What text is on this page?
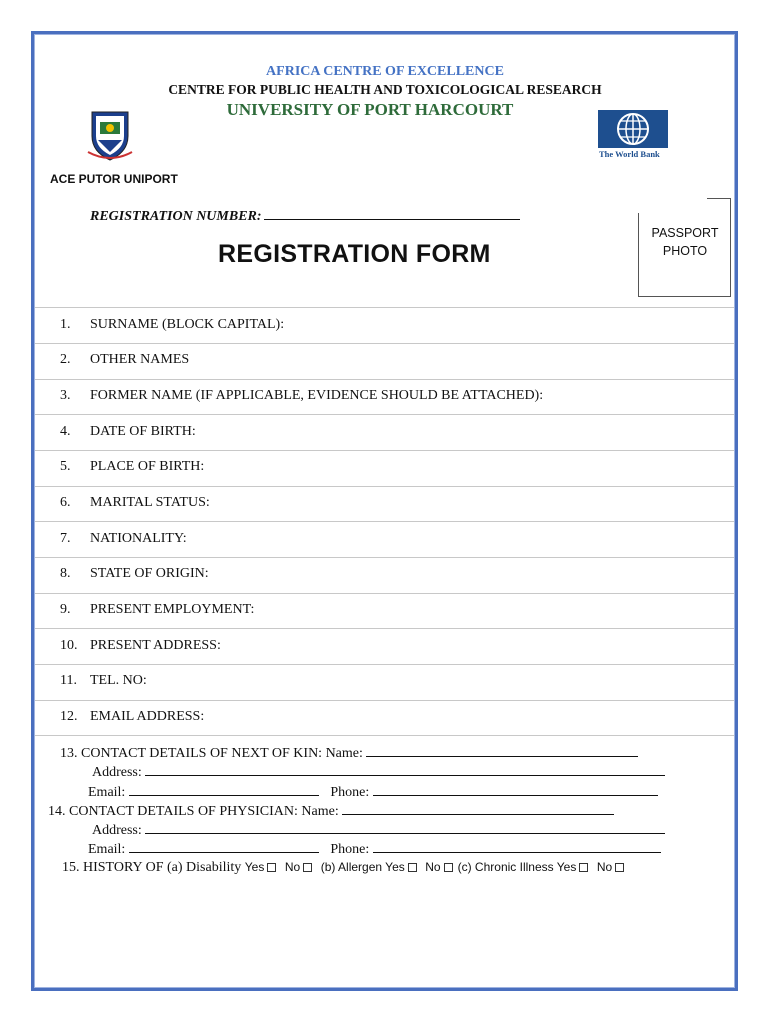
AFRICA CENTRE OF EXCELLENCE
CENTRE FOR PUBLIC HEALTH AND TOXICOLOGICAL RESEARCH
UNIVERSITY OF PORT HARCOURT
The World Bank
ACE PUTOR UNIPORT
REGISTRATION NUMBER:
REGISTRATION FORM
PASSPORT
PHOTO
1. SURNAME (BLOCK CAPITAL):
2. OTHER NAMES
3. FORMER NAME (IF APPLICABLE, EVIDENCE SHOULD BE ATTACHED):
4. DATE OF BIRTH:
5. PLACE OF BIRTH:
6. MARITAL STATUS:
7. NATIONALITY:
8. STATE OF ORIGIN:
9. PRESENT EMPLOYMENT:
10. PRESENT ADDRESS:
11. TEL. NO:
12. EMAIL ADDRESS:
13. CONTACT DETAILS OF NEXT OF KIN: Name:
Address:
Email:	Phone:
14. CONTACT DETAILS OF PHYSICIAN: Name:
Address:
Email:	Phone:
15. HISTORY OF (a) Disability Yes No (b) Allergen Yes No (c) Chronic Illness Yes No
